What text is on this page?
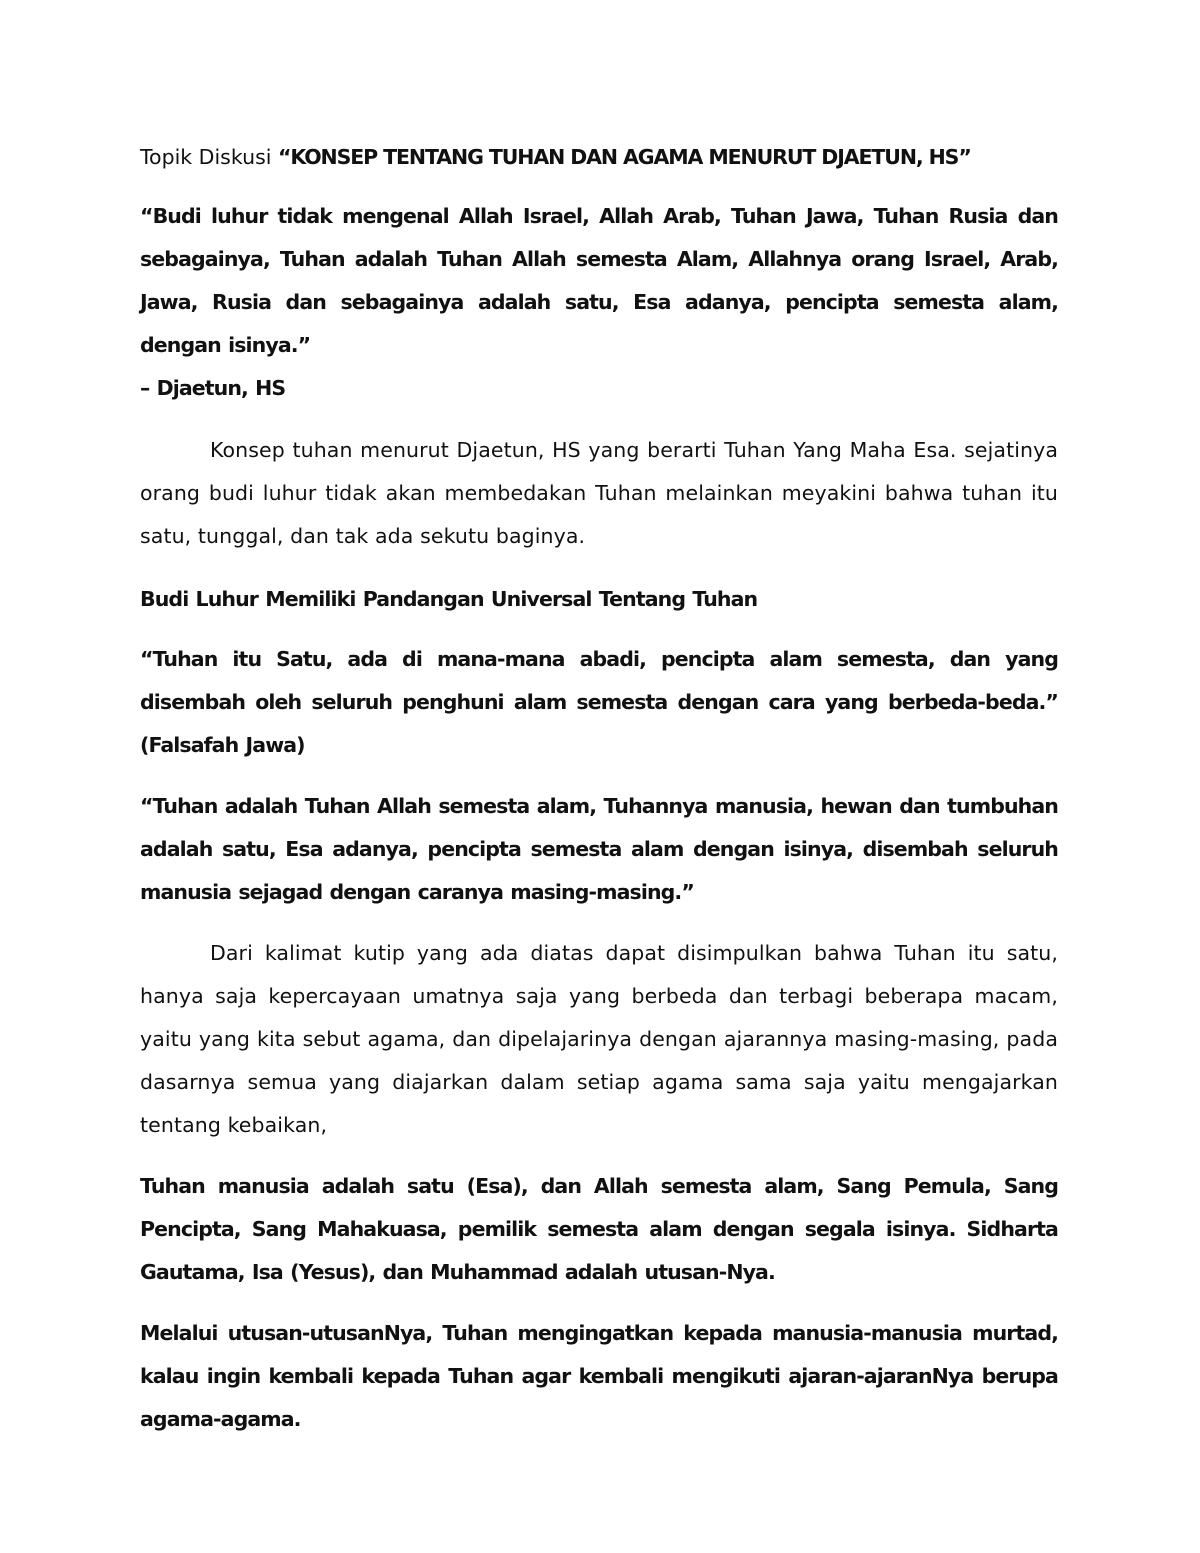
Topik Diskusi “KONSEP TENTANG TUHAN DAN AGAMA MENURUT DJAETUN, HS”

“Budi luhur tidak mengenal Allah Israel, Allah Arab, Tuhan Jawa, Tuhan Rusia dan sebagainya, Tuhan adalah Tuhan Allah semesta Alam, Allahnya orang Israel, Arab, Jawa, Rusia dan sebagainya adalah satu, Esa adanya, pencipta semesta alam, dengan isinya.”
– Djaetun, HS

Konsep tuhan menurut Djaetun, HS yang berarti Tuhan Yang Maha Esa. sejatinya orang budi luhur tidak akan membedakan Tuhan melainkan meyakini bahwa tuhan itu satu, tunggal, dan tak ada sekutu baginya.

Budi Luhur Memiliki Pandangan Universal Tentang Tuhan

“Tuhan itu Satu, ada di mana-mana abadi, pencipta alam semesta, dan yang disembah oleh seluruh penghuni alam semesta dengan cara yang berbeda-beda.” (Falsafah Jawa)

“Tuhan adalah Tuhan Allah semesta alam, Tuhannya manusia, hewan dan tumbuhan adalah satu, Esa adanya, pencipta semesta alam dengan isinya, disembah seluruh manusia sejagad dengan caranya masing-masing.”

Dari kalimat kutip yang ada diatas dapat disimpulkan bahwa Tuhan itu satu, hanya saja kepercayaan umatnya saja yang berbeda dan terbagi beberapa macam, yaitu yang kita sebut agama, dan dipelajarinya dengan ajarannya masing-masing, pada dasarnya semua yang diajarkan dalam setiap agama sama saja yaitu mengajarkan tentang kebaikan,

Tuhan manusia adalah satu (Esa), dan Allah semesta alam, Sang Pemula, Sang Pencipta, Sang Mahakuasa, pemilik semesta alam dengan segala isinya. Sidharta Gautama, Isa (Yesus), dan Muhammad adalah utusan-Nya.

Melalui utusan-utusanNya, Tuhan mengingatkan kepada manusia-manusia murtad, kalau ingin kembali kepada Tuhan agar kembali mengikuti ajaran-ajaranNya berupa agama-agama.
